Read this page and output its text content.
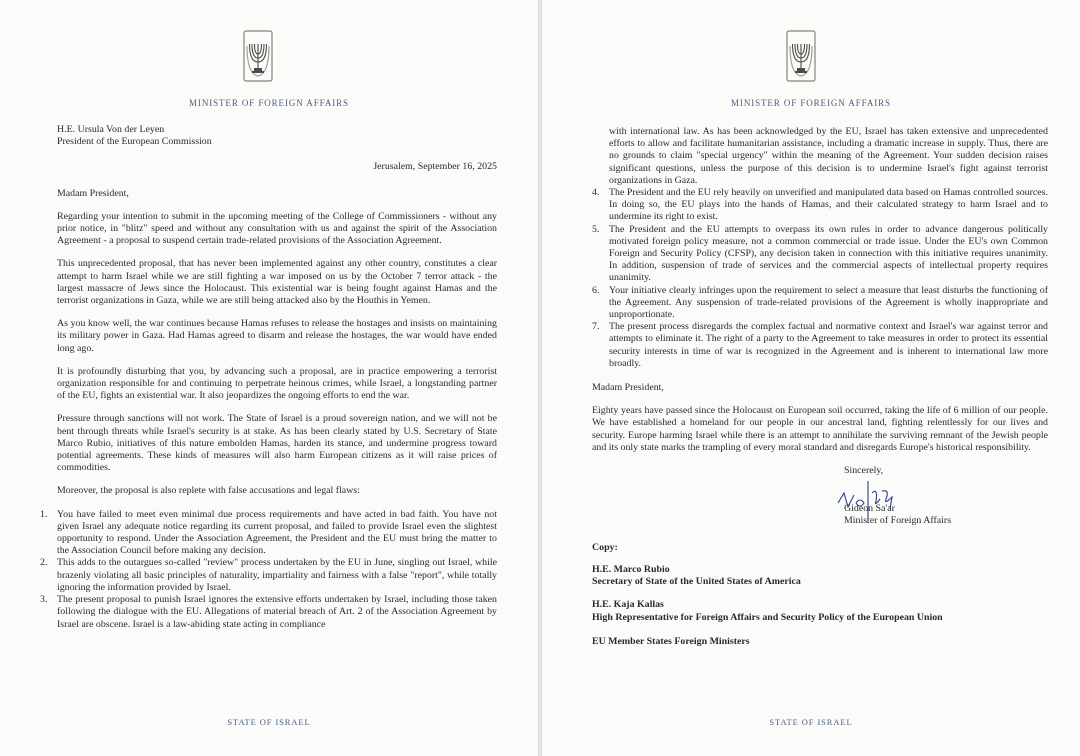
MINISTER OF FOREIGN AFFAIRS
H.E. Ursula Von der Leyen
President of the European Commission

Jerusalem, September 16, 2025

Madam President,

Regarding your intention to submit in the upcoming meeting of the College of Commissioners - without any prior notice, in "blitz" speed and without any consultation with us and against the spirit of the Association Agreement - a proposal to suspend certain trade-related provisions of the Association Agreement.

This unprecedented proposal, that has never been implemented against any other country, constitutes a clear attempt to harm Israel while we are still fighting a war imposed on us by the October 7 terror attack - the largest massacre of Jews since the Holocaust. This existential war is being fought against Hamas and the terrorist organizations in Gaza, while we are still being attacked also by the Houthis in Yemen.

As you know well, the war continues because Hamas refuses to release the hostages and insists on maintaining its military power in Gaza. Had Hamas agreed to disarm and release the hostages, the war would have ended long ago.

It is profoundly disturbing that you, by advancing such a proposal, are in practice empowering a terrorist organization responsible for and continuing to perpetrate heinous crimes, while Israel, a longstanding partner of the EU, fights an existential war. It also jeopardizes the ongoing efforts to end the war.

Pressure through sanctions will not work. The State of Israel is a proud sovereign nation, and we will not be bent through threats while Israel's security is at stake. As has been clearly stated by U.S. Secretary of State Marco Rubio, initiatives of this nature embolden Hamas, harden its stance, and undermine progress toward potential agreements. These kinds of measures will also harm European citizens as it will raise prices of commodities.

Moreover, the proposal is also replete with false accusations and legal flaws:

1. You have failed to meet even minimal due process requirements and have acted in bad faith. You have not given Israel any adequate notice regarding its current proposal, and failed to provide Israel even the slightest opportunity to respond. Under the Association Agreement, the President and the EU must bring the matter to the Association Council before making any decision.
2. This adds to the outargues so-called "review" process undertaken by the EU in June, singling out Israel, while brazenly violating all basic principles of naturality, impartiality and fairness with a false "report", while totally ignoring the information provided by Israel.
3. The present proposal to punish Israel ignores the extensive efforts undertaken by Israel, including those taken following the dialogue with the EU. Allegations of material breach of Art. 2 of the Association Agreement by Israel are obscene. Israel is a law-abiding state acting in compliance
STATE OF ISRAEL
MINISTER OF FOREIGN AFFAIRS

with international law. As has been acknowledged by the EU, Israel has taken extensive and unprecedented efforts to allow and facilitate humanitarian assistance, including a dramatic increase in supply. Thus, there are no grounds to claim "special urgency" within the meaning of the Agreement. Your sudden decision raises significant questions, unless the purpose of this decision is to undermine Israel's fight against terrorist organizations in Gaza.

4. The President and the EU rely heavily on unverified and manipulated data based on Hamas controlled sources. In doing so, the EU plays into the hands of Hamas, and their calculated strategy to harm Israel and to undermine its right to exist.
5. The President and the EU attempts to overpass its own rules in order to advance dangerous politically motivated foreign policy measure, not a common commercial or trade issue. Under the EU's own Common Foreign and Security Policy (CFSP), any decision taken in connection with this initiative requires unanimity. In addition, suspension of trade of services and the commercial aspects of intellectual property requires unanimity.
6. Your initiative clearly infringes upon the requirement to select a measure that least disturbs the functioning of the Agreement. Any suspension of trade-related provisions of the Agreement is wholly inappropriate and unproportionate.
7. The present process disregards the complex factual and normative context and Israel's war against terror and attempts to eliminate it. The right of a party to the Agreement to take measures in order to protect its essential security interests in time of war is recognized in the Agreement and is inherent to international law more broadly.

Madam President,

Eighty years have passed since the Holocaust on European soil occurred, taking the life of 6 million of our people. We have established a homeland for our people in our ancestral land, fighting relentlessly for our lives and security. Europe harming Israel while there is an attempt to annihilate the surviving remnant of the Jewish people and its only state marks the trampling of every moral standard and disregards Europe's historical responsibility.

Sincerely,
Gideon Sa'ar
Minister of Foreign Affairs
Copy:
H.E. Marco Rubio
Secretary of State of the United States of America
H.E. Kaja Kallas
High Representative for Foreign Affairs and Security Policy of the European Union
EU Member States Foreign Ministers
STATE OF ISRAEL
